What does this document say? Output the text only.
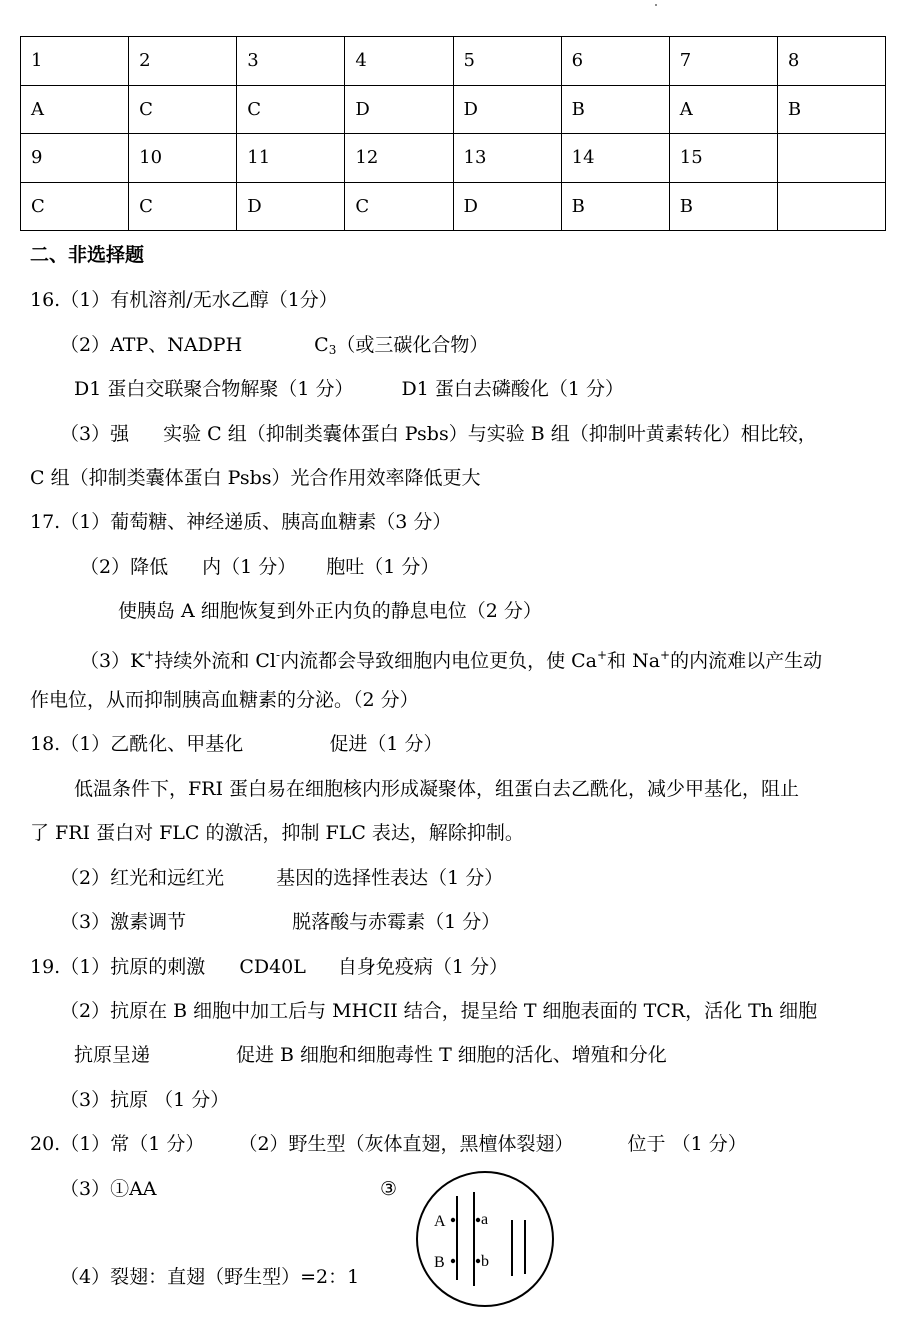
1	2	3	4	5	6	7	8
A	C	C	D	D	B	A	B
9	10	11	12	13	14	15	
C	C	D	C	D	B	B	
二、非选择题
16.（1）有机溶剂/无水乙醇（1分）
（2）ATP、NADPH	$C_3$（或三碳化合物）
D1 蛋白交联聚合物解聚（1 分）	D1 蛋白去磷酸化（1 分）
（3）强 实验 C 组（抑制类囊体蛋白 Psbs）与实验 B 组（抑制叶黄素转化）相比较，
C 组（抑制类囊体蛋白 Psbs）光合作用效率降低更大
17.（1）葡萄糖、神经递质、胰高血糖素（3 分）
（2）降低 内（1 分） 胞吐（1 分）
使胰岛 A 细胞恢复到外正内负的静息电位（2 分）
（3）K+持续外流和 Cl-内流都会导致细胞内电位更负，使 Ca+和 Na+的内流难以产生动
作电位，从而抑制胰高血糖素的分泌。（2 分）
18.（1）乙酰化、甲基化	促进（1 分）
低温条件下，FRI 蛋白易在细胞核内形成凝聚体，组蛋白去乙酰化，减少甲基化，阻止
了 FRI 蛋白对 FLC 的激活，抑制 FLC 表达，解除抑制。
（2）红光和远红光	基因的选择性表达（1 分）
（3）激素调节	脱落酸与赤霉素（1 分）
19.（1）抗原的刺激 CD40L 自身免疫病（1 分）
（2）抗原在 B 细胞中加工后与 MHCII 结合，提呈给 T 细胞表面的 TCR，活化 Th 细胞
抗原呈递	促进 B 细胞和细胞毒性 T 细胞的活化、增殖和分化
（3）抗原 （1 分）
20.（1）常（1 分） （2）野生型（灰体直翅，黑檀体裂翅）	位于 （1 分）
（3）①AA	③
（4）裂翅：直翅（野生型）=2：1
A a
B b
